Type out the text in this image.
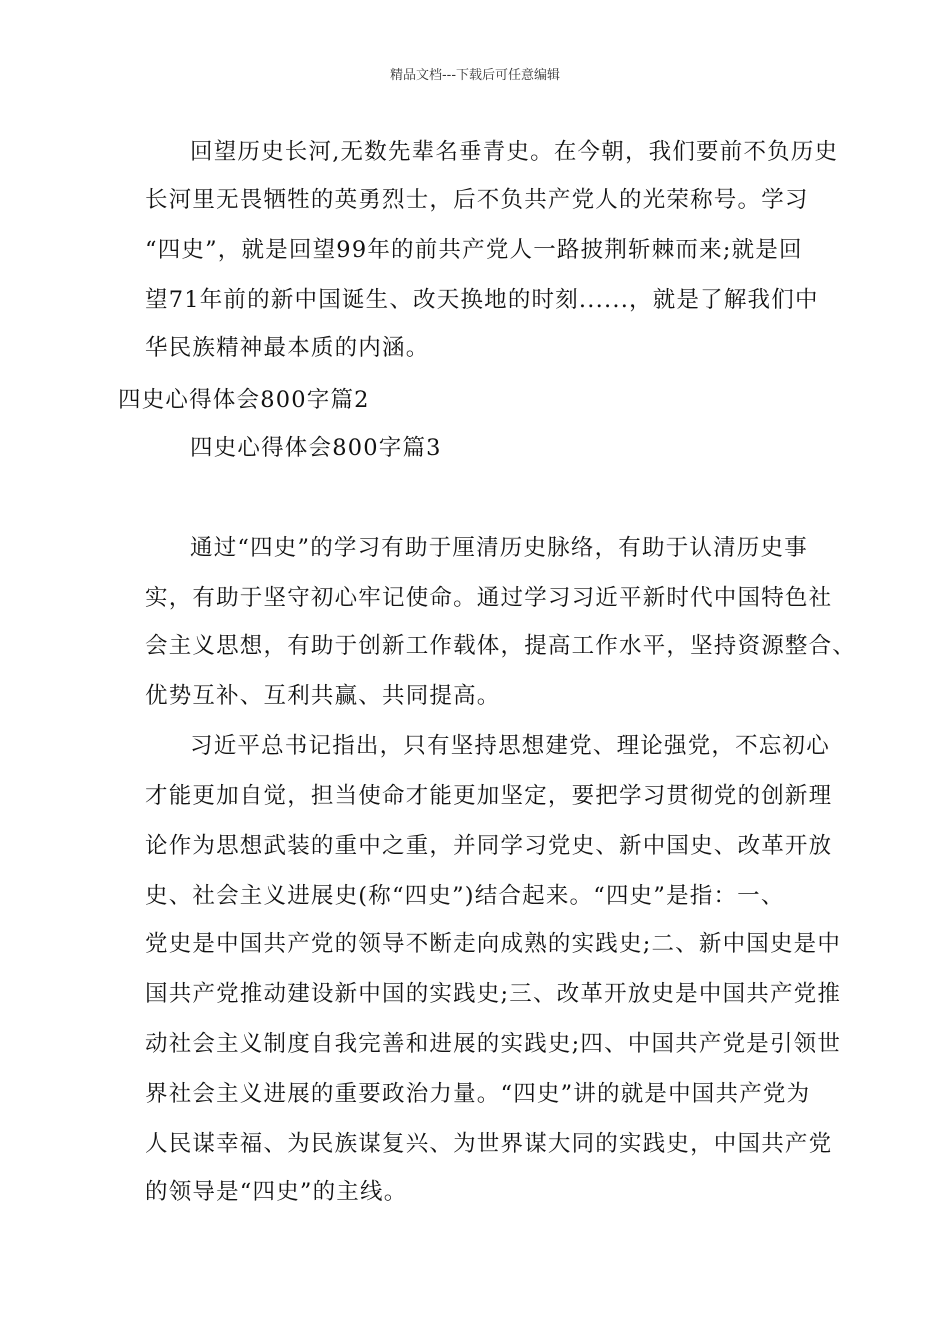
精品文档---下载后可任意编辑
回望历史长河,无数先辈名垂青史。在今朝，我们要前不负历史
长河里无畏牺牲的英勇烈士，后不负共产党人的光荣称号。学习
“四史”，就是回望99年的前共产党人一路披荆斩棘而来;就是回
望71年前的新中国诞生、改天换地的时刻......，就是了解我们中
华民族精神最本质的内涵。
四史心得体会800字篇2
四史心得体会800字篇3
通过“四史”的学习有助于厘清历史脉络，有助于认清历史事
实，有助于坚守初心牢记使命。通过学习习近平新时代中国特色社
会主义思想，有助于创新工作载体，提高工作水平，坚持资源整合、
优势互补、互利共赢、共同提高。
习近平总书记指出，只有坚持思想建党、理论强党，不忘初心
才能更加自觉，担当使命才能更加坚定，要把学习贯彻党的创新理
论作为思想武装的重中之重，并同学习党史、新中国史、改革开放
史、社会主义进展史(称“四史”)结合起来。“四史”是指：一、
党史是中国共产党的领导不断走向成熟的实践史;二、新中国史是中
国共产党推动建设新中国的实践史;三、改革开放史是中国共产党推
动社会主义制度自我完善和进展的实践史;四、中国共产党是引领世
界社会主义进展的重要政治力量。“四史”讲的就是中国共产党为
人民谋幸福、为民族谋复兴、为世界谋大同的实践史，中国共产党
的领导是“四史”的主线。
